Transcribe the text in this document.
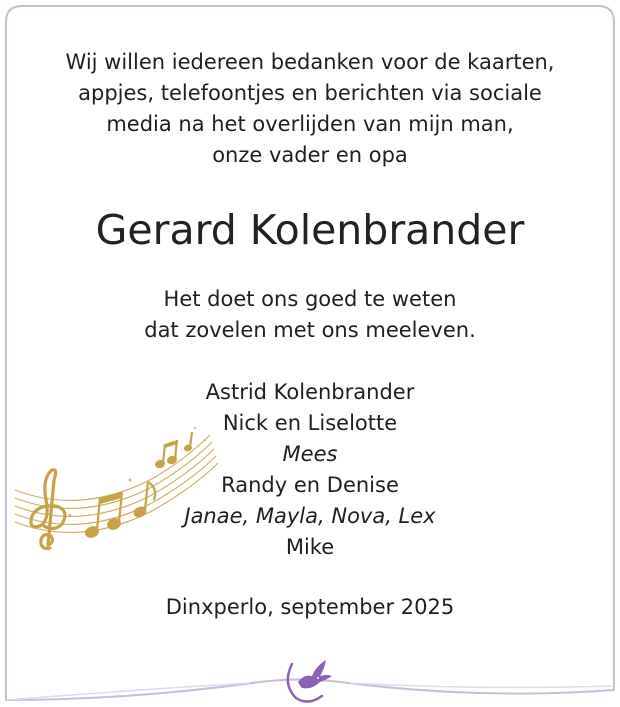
Wij willen iedereen bedanken voor de kaarten,
appjes, telefoontjes en berichten via sociale
media na het overlijden van mijn man,
onze vader en opa
Gerard Kolenbrander
Het doet ons goed te weten
dat zovelen met ons meeleven.
Astrid Kolenbrander
Nick en Liselotte
Mees
Randy en Denise
Janae, Mayla, Nova, Lex
Mike
Dinxperlo, september 2025
